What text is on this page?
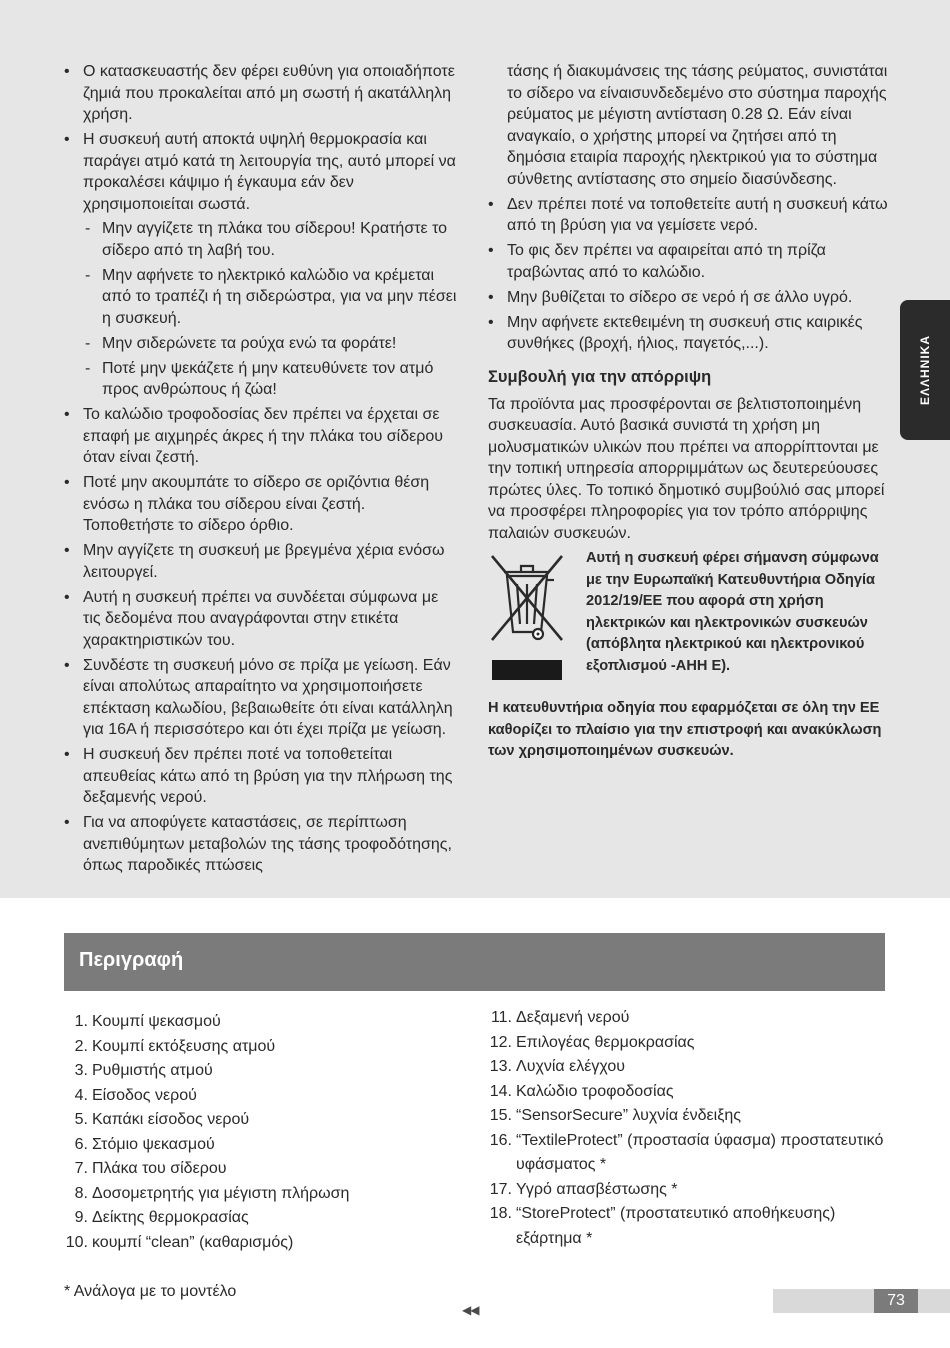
• Ο κατασκευαστής δεν φέρει ευθύνη για οποιαδήποτε ζημιά που προκαλείται από μη σωστή ή ακατάλληλη χρήση.
• Η συσκευή αυτή αποκτά υψηλή θερμοκρασία και παράγει ατμό κατά τη λειτουργία της, αυτό μπορεί να προκαλέσει κάψιμο ή έγκαυμα εάν δεν χρησιμοποιείται σωστά.
- Μην αγγίζετε τη πλάκα του σίδερου! Κρατήστε το σίδερο από τη λαβή του.
- Μην αφήνετε το ηλεκτρικό καλώδιο να κρέμεται από το τραπέζι ή τη σιδερώστρα, για να μην πέσει η συσκευή.
- Μην σιδερώνετε τα ρούχα ενώ τα φοράτε!
- Ποτέ μην ψεκάζετε ή μην κατευθύνετε τον ατμό προς ανθρώπους ή ζώα!
• Το καλώδιο τροφοδοσίας δεν πρέπει να έρχεται σε επαφή με αιχμηρές άκρες ή την πλάκα του σίδερου όταν είναι ζεστή.
• Ποτέ μην ακουμπάτε το σίδερο σε οριζόντια θέση ενόσω η πλάκα του σίδερου είναι ζεστή. Τοποθετήστε το σίδερο όρθιο.
• Μην αγγίζετε τη συσκευή με βρεγμένα χέρια ενόσω λειτουργεί.
• Αυτή η συσκευή πρέπει να συνδέεται σύμφωνα με τις δεδομένα που αναγράφονται στην ετικέτα χαρακτηριστικών του.
• Συνδέστε τη συσκευή μόνο σε πρίζα με γείωση. Εάν είναι απολύτως απαραίτητο να χρησιμοποιήσετε επέκταση καλωδίου, βεβαιωθείτε ότι είναι κατάλληλη για 16A ή περισσότερο και ότι έχει πρίζα με γείωση.
• Η συσκευή δεν πρέπει ποτέ να τοποθετείται απευθείας κάτω από τη βρύση για την πλήρωση της δεξαμενής νερού.
• Για να αποφύγετε καταστάσεις, σε περίπτωση ανεπιθύμητων μεταβολών της τάσης τροφοδότησης, όπως παροδικές πτώσεις
τάσης ή διακυμάνσεις της τάσης ρεύματος, συνιστάται το σίδερο να είναισυνδεδεμένο στο σύστημα παροχής ρεύματος με μέγιστη αντίσταση 0.28 Ω. Εάν είναι αναγκαίο, ο χρήστης μπορεί να ζητήσει από τη δημόσια εταιρία παροχής ηλεκτρικού για το σύστημα σύνθετης αντίστασης στο σημείο διασύνδεσης.
• Δεν πρέπει ποτέ να τοποθετείτε αυτή η συσκευή κάτω από τη βρύση για να γεμίσετε νερό.
• Το φις δεν πρέπει να αφαιρείται από τη πρίζα τραβώντας από το καλώδιο.
• Μην βυθίζεται το σίδερο σε νερό ή σε άλλο υγρό.
• Μην αφήνετε εκτεθειμένη τη συσκευή στις καιρικές συνθήκες (βροχή, ήλιος, παγετός,...).
Συμβουλή για την απόρριψη

Τα προϊόντα μας προσφέρονται σε βελτιστοποιημένη συσκευασία. Αυτό βασικά συνιστά τη χρήση μη μολυσματικών υλικών που πρέπει να απορρίπτονται με την τοπική υπηρεσία απορριμμάτων ως δευτερεύουσες πρώτες ύλες. Το τοπικό δημοτικό συμβούλιό σας μπορεί να προσφέρει πληροφορίες για τον τρόπο απόρριψης παλαιών συσκευών.

Αυτή η συσκευή φέρει σήμανση σύμφωνα με την Ευρωπαϊκή Κατευθυντήρια Οδηγία 2012/19/EE που αφορά στη χρήση ηλεκτρικών και ηλεκτρονικών συσκευών (απόβλητα ηλεκτρικού και ηλεκτρονικού εξοπλισμού -AHH E).

Η κατευθυντήρια οδηγία που εφαρμόζεται σε όλη την ΕΕ καθορίζει το πλαίσιο για την επιστροφή και ανακύκλωση των χρησιμοποιημένων συσκευών.

ΕΛΛΗΝΙΚΑ
Περιγραφή
1. Κουμπί ψεκασμού
2. Κουμπί εκτόξευσης ατμού
3. Ρυθμιστής ατμού
4. Είσοδος νερού
5. Καπάκι είσοδος νερού
6. Στόμιο ψεκασμού
7. Πλάκα του σίδερου
8. Δοσομετρητής για μέγιστη πλήρωση
9. Δείκτης θερμοκρασίας
10. κουμπί “clean” (καθαρισμός)
11. Δεξαμενή νερού
12. Επιλογέας θερμοκρασίας
13. Λυχνία ελέγχου
14. Καλώδιο τροφοδοσίας
15. “SensorSecure” λυχνία ένδειξης
16. “TextileProtect” (προστασία ύφασμα) προστατευτικό υφάσματος *
17. Υγρό απασβέστωσης *
18. “StoreProtect” (προστατευτικό αποθήκευσης) εξάρτημα *
* Ανάλογα με το μοντέλο
◀◀
73
